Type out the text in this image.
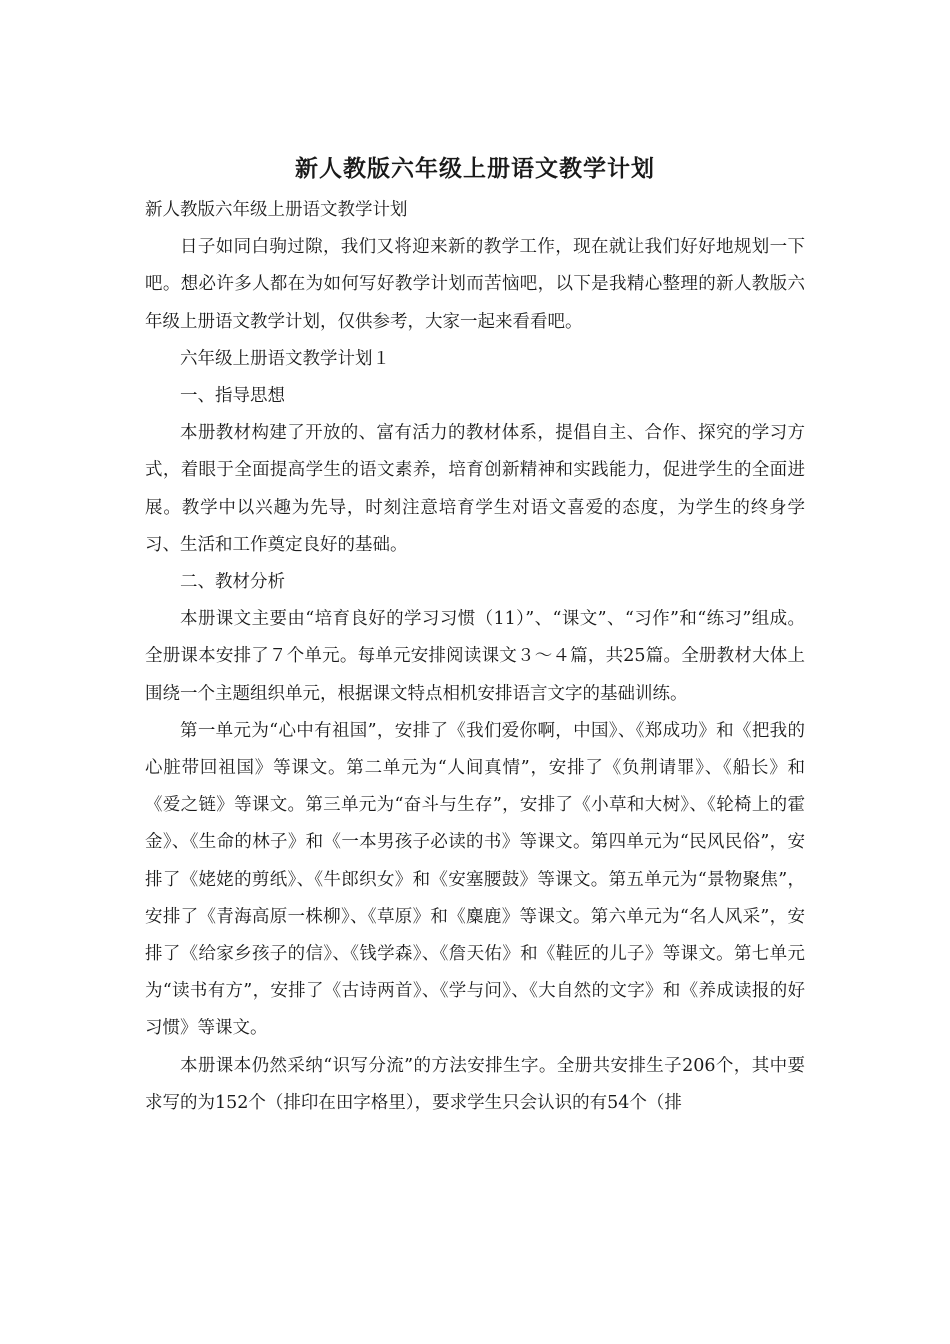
新人教版六年级上册语文教学计划

新人教版六年级上册语文教学计划

日子如同白驹过隙，我们又将迎来新的教学工作，现在就让我们好好地规划一下吧。想必许多人都在为如何写好教学计划而苦恼吧，以下是我精心整理的新人教版六年级上册语文教学计划，仅供参考，大家一起来看看吧。

六年级上册语文教学计划１

一、指导思想

本册教材构建了开放的、富有活力的教材体系，提倡自主、合作、探究的学习方式，着眼于全面提高学生的语文素养，培育创新精神和实践能力，促进学生的全面进展。教学中以兴趣为先导，时刻注意培育学生对语文喜爱的态度，为学生的终身学习、生活和工作奠定良好的基础。

二、教材分析

本册课文主要由“培育良好的学习习惯（11）”、“课文”、“习作”和“练习”组成。全册课本安排了７个单元。每单元安排阅读课文３～４篇，共25篇。全册教材大体上围绕一个主题组织单元，根据课文特点相机安排语言文字的基础训练。

第一单元为“心中有祖国”，安排了《我们爱你啊，中国》、《郑成功》和《把我的心脏带回祖国》等课文。第二单元为“人间真情”，安排了《负荆请罪》、《船长》和《爱之链》等课文。第三单元为“奋斗与生存”，安排了《小草和大树》、《轮椅上的霍金》、《生命的林子》和《一本男孩子必读的书》等课文。第四单元为“民风民俗”，安排了《姥姥的剪纸》、《牛郎织女》和《安塞腰鼓》等课文。第五单元为“景物聚焦”，安排了《青海高原一株柳》、《草原》和《麋鹿》等课文。第六单元为“名人风采”，安排了《给家乡孩子的信》、《钱学森》、《詹天佑》和《鞋匠的儿子》等课文。第七单元为“读书有方”，安排了《古诗两首》、《学与问》、《大自然的文字》和《养成读报的好习惯》等课文。

本册课本仍然采纳“识写分流”的方法安排生字。全册共安排生子206个，其中要求写的为152个（排印在田字格里），要求学生只会认识的有54个（排
